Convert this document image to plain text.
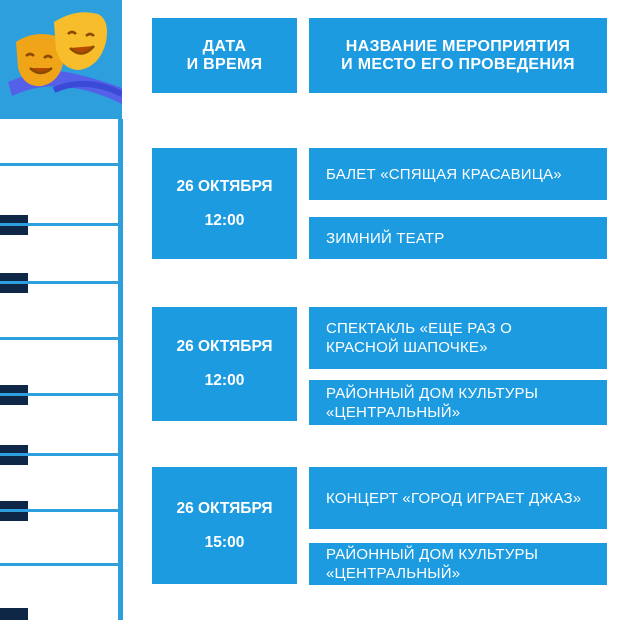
ДАТА
И ВРЕМЯ
НАЗВАНИЕ МЕРОПРИЯТИЯ
И МЕСТО ЕГО ПРОВЕДЕНИЯ
26 ОКТЯБРЯ
12:00
БАЛЕТ «СПЯЩАЯ КРАСАВИЦА»
ЗИМНИЙ ТЕАТР
26 ОКТЯБРЯ
12:00
СПЕКТАКЛЬ «ЕЩЕ РАЗ О
КРАСНОЙ ШАПОЧКЕ»
РАЙОННЫЙ ДОМ КУЛЬТУРЫ
«ЦЕНТРАЛЬНЫЙ»
26 ОКТЯБРЯ
15:00
КОНЦЕРТ «ГОРОД ИГРАЕТ ДЖАЗ»
РАЙОННЫЙ ДОМ КУЛЬТУРЫ
«ЦЕНТРАЛЬНЫЙ»
